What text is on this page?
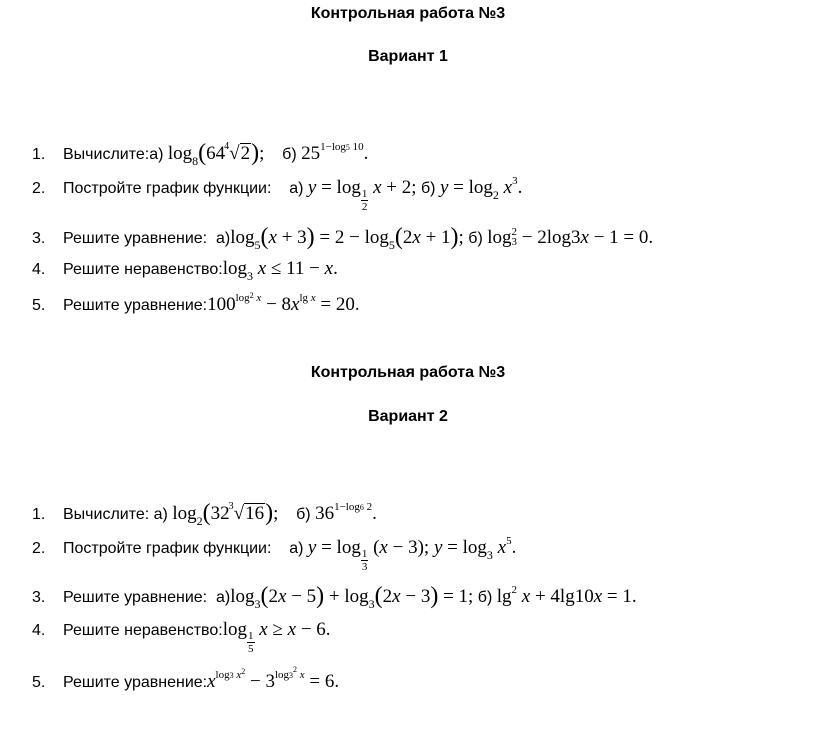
Контрольная работа №3
Вариант 1
1. Вычислите:а) $\log_8(64$ 4 √2); б) $25^{1-log5 10}$.
2. Постройте график функции: а) y = log
$\frac{1}{2}$
x + 2; б) $y = \log_2 x^3$.
3. Решите уравнение: $а)\log_5(x + 3) = 2 - \log_5(2x + 1)$; б) log 2
3 − 2log3x − 1 = 0.
4. Решите $неравенство:\log_3$ x ≤ 11 − x.
5. Решите $уравнение:100^{log^2 x} - 8x^{lg x} = 20$.
Контрольная работа №3
Вариант 2
1. Вычислите: а) $\log_2(32$ 3 √16); б) $36^{1-log6 2}$.
2. Постройте график функции: а) y = log
$\frac{1}{3}$
(x − 3); $y = \log_3 x^5$.
3. Решите уравнение: $а)\log_3(2x - 5) + \log_3(2x - 3) = 1$; б) $\lg^2 x + 4\lg 10x = 1$.
4. Решите неравенство:log
$\frac{1}{5}$
x ≥ x − 6.
5. Решите $уравнение:x^{log3 x^2} - 3^{log3^2 x} = 6$.
